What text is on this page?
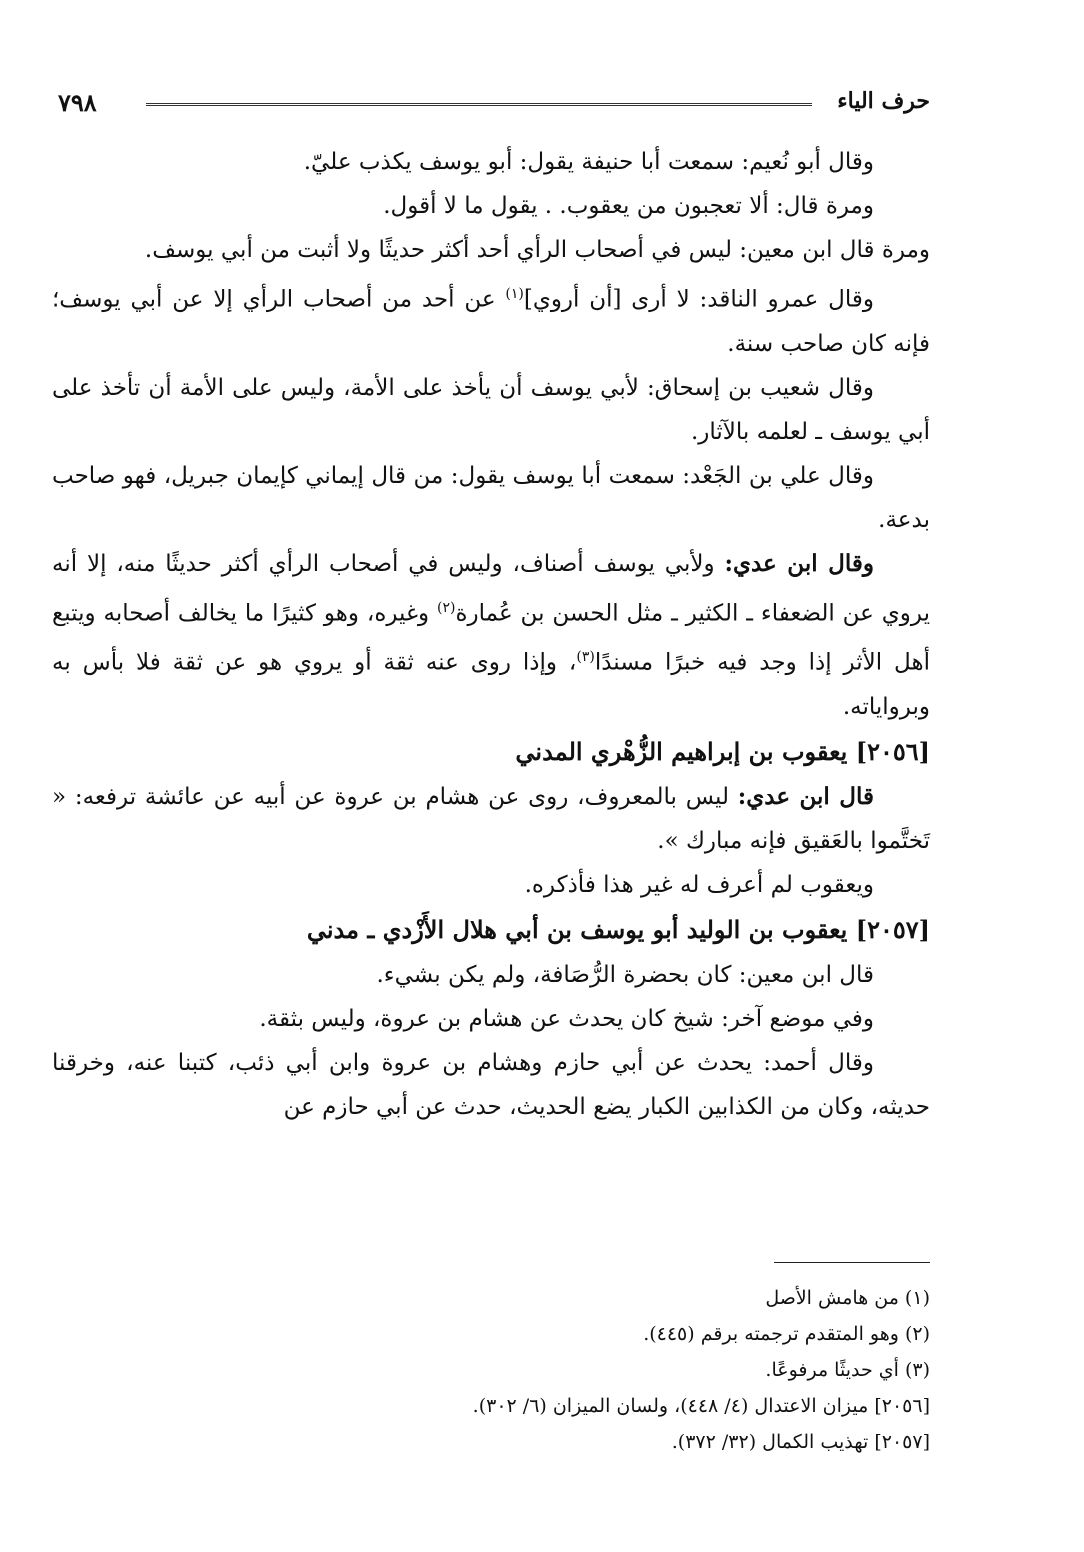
٧٩٨	حرف الياء

وقال أبو نُعيم: سمعت أبا حنيفة يقول: أبو يوسف يكذب عليّ.

ومرة قال: ألا تعجبون من يعقوب. . يقول ما لا أقول.

ومرة قال ابن معين: ليس في أصحاب الرأي أحد أكثر حديثًا ولا أثبت من أبي يوسف.

وقال عمرو الناقد: لا أرى [أن أروي]$^{(١)}$ عن أحد من أصحاب الرأي إلا عن أبي يوسف؛ فإنه كان صاحب سنة.

وقال شعيب بن إسحاق: لأبي يوسف أن يأخذ على الأمة، وليس على الأمة أن تأخذ على أبي يوسف ـ لعلمه بالآثار.

وقال علي بن الجَعْد: سمعت أبا يوسف يقول: من قال إيماني كإيمان جبريل، فهو صاحب بدعة.

وقال ابن عدي: ولأبي يوسف أصناف، وليس في أصحاب الرأي أكثر حديثًا منه، إلا أنه يروي عن الضعفاء ـ الكثير ـ مثل الحسن بن عُمارة$^{(٢)}$ وغيره، وهو كثيرًا ما يخالف أصحابه ويتبع أهل الأثر إذا وجد فيه خبرًا مسندًا$^{(٣)}$، وإذا روى عنه ثقة أو يروي هو عن ثقة فلا بأس به وبرواياته.

[٢٠٥٦] يعقوب بن إبراهيم الزُّهْري المدني

قال ابن عدي: ليس بالمعروف، روى عن هشام بن عروة عن أبيه عن عائشة ترفعه: « تَختَّموا بالعَقيق فإنه مبارك ».

ويعقوب لم أعرف له غير هذا فأذكره.

[٢٠٥٧] يعقوب بن الوليد أبو يوسف بن أبي هلال الأَزْدي ـ مدني

قال ابن معين: كان بحضرة الرُّصَافة، ولم يكن بشيء.

وفي موضع آخر: شيخ كان يحدث عن هشام بن عروة، وليس بثقة.

وقال أحمد: يحدث عن أبي حازم وهشام بن عروة وابن أبي ذئب، كتبنا عنه، وخرقنا حديثه، وكان من الكذابين الكبار يضع الحديث، حدث عن أبي حازم عن

(١) من هامش الأصل

(٢) وهو المتقدم ترجمته برقم (٤٤٥).

(٣) أي حديثًا مرفوعًا.

[٢٠٥٦] ميزان الاعتدال (٤/ ٤٤٨)، ولسان الميزان (٦/ ٣٠٢).

[٢٠٥٧] تهذيب الكمال (٣٢/ ٣٧٢).
